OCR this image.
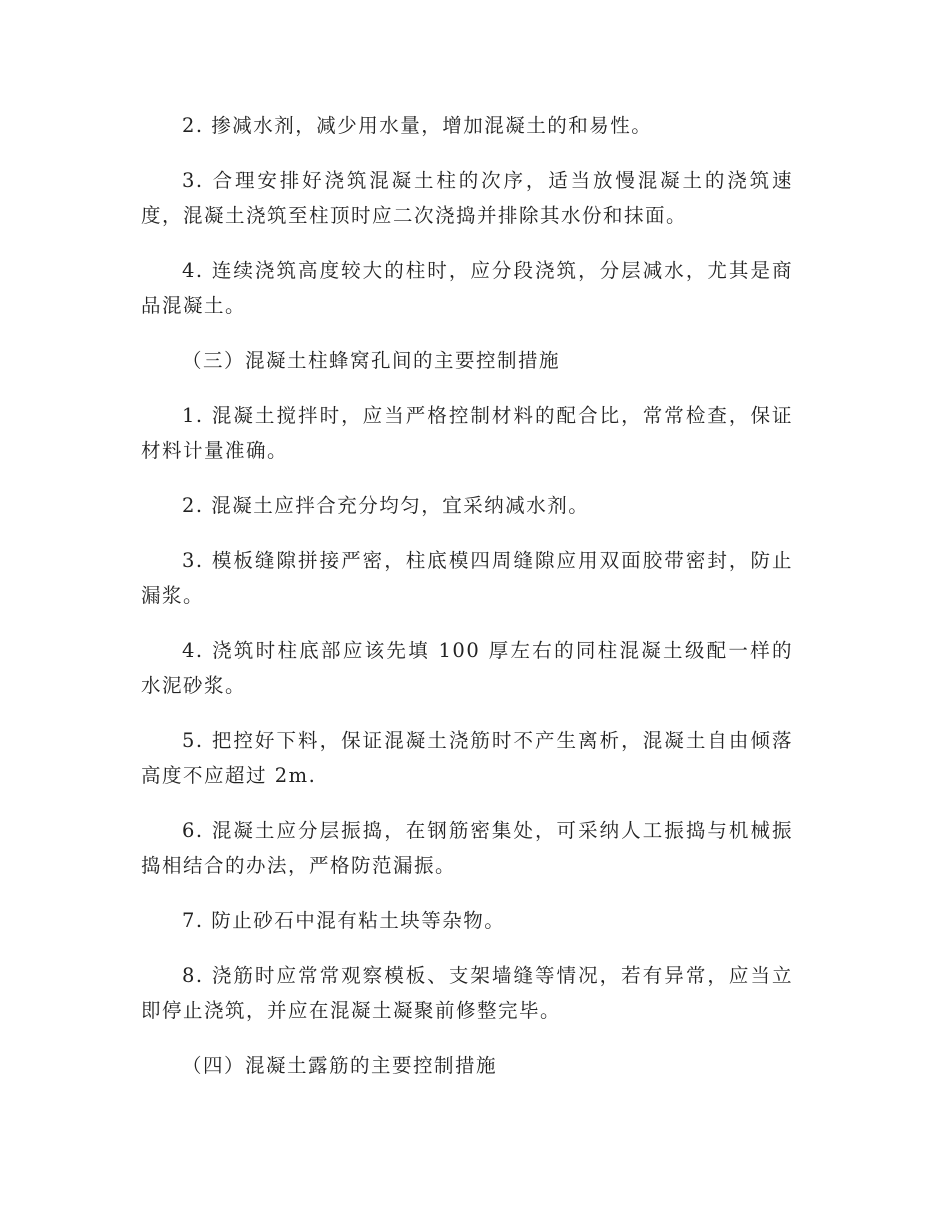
2. 掺减水剂，减少用水量，增加混凝土的和易性。

3. 合理安排好浇筑混凝土柱的次序，适当放慢混凝土的浇筑速度，混凝土浇筑至柱顶时应二次浇捣并排除其水份和抹面。

4. 连续浇筑高度较大的柱时，应分段浇筑，分层减水，尤其是商品混凝土。

（三）混凝土柱蜂窝孔间的主要控制措施

1. 混凝土搅拌时，应当严格控制材料的配合比，常常检查，保证材料计量准确。

2. 混凝土应拌合充分均匀，宜采纳减水剂。

3. 模板缝隙拼接严密，柱底模四周缝隙应用双面胶带密封，防止漏浆。

4. 浇筑时柱底部应该先填 100 厚左右的同柱混凝土级配一样的水泥砂浆。

5. 把控好下料，保证混凝土浇筋时不产生离析，混凝土自由倾落高度不应超过 2m.

6. 混凝土应分层振捣，在钢筋密集处，可采纳人工振捣与机械振捣相结合的办法，严格防范漏振。

7. 防止砂石中混有粘土块等杂物。

8. 浇筋时应常常观察模板、支架墙缝等情况，若有异常，应当立即停止浇筑，并应在混凝土凝聚前修整完毕。

（四）混凝土露筋的主要控制措施
